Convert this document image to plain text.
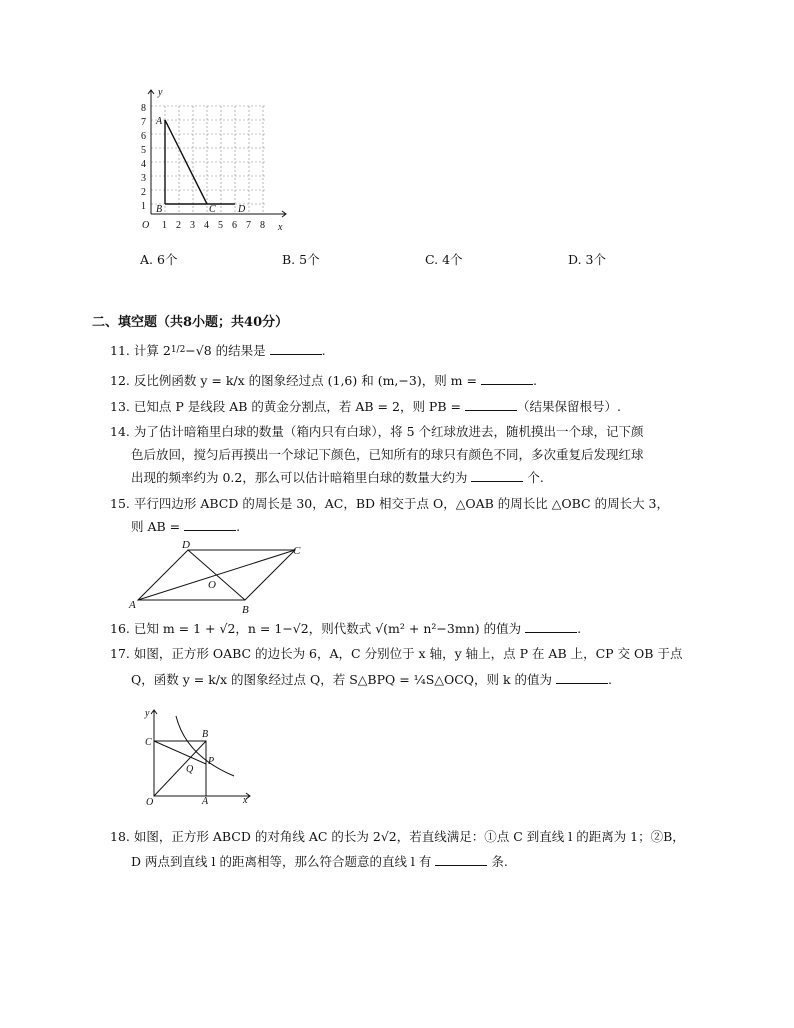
y
x
O
A
B	C D
1
2
3
4
5
6
7
8
1 2 3 4 5 6 7 8
A. 6个	B. 5个	C. 4个	D. 3个
二、填空题（共8小题；共40分）
11. 计算 $2^{1/2}-√8$ 的结果是	.
12. 反比例函数 y = k/x 的图象经过点 (1,6) 和 (m,−3)，则 m =	.
13. 已知点 P 是线段 AB 的黄金分割点，若 AB = 2，则 PB =	（结果保留根号）.
14. 为了估计暗箱里白球的数量（箱内只有白球），将 5 个红球放进去，随机摸出一个球，记下颜
色后放回，搅匀后再摸出一个球记下颜色，已知所有的球只有颜色不同，多次重复后发现红球
出现的频率约为 0.2，那么可以估计暗箱里白球的数量大约为	个.
15. 平行四边形 ABCD 的周长是 30，AC，BD 相交于点 O，△OAB 的周长比 △OBC 的周长大 3，
则 AB =	.
A	B
C
D
O
16. 已知 m = 1 + √2，n = 1−√2，则代数式 √(m² + n²−3mn) 的值为	.
17. 如图，正方形 OABC 的边长为 6，A，C 分别位于 x 轴，y 轴上，点 P 在 AB 上，CP 交 OB 于点
Q，函数 y = k/x 的图象经过点 Q，若 S△BPQ = ¼S△OCQ，则 k 的值为	.
y
x
O	A
B
C
P
Q
18. 如图，正方形 ABCD 的对角线 AC 的长为 2√2，若直线满足：①点 C 到直线 l 的距离为 1；②B，
D 两点到直线 l 的距离相等，那么符合题意的直线 l 有	条.
